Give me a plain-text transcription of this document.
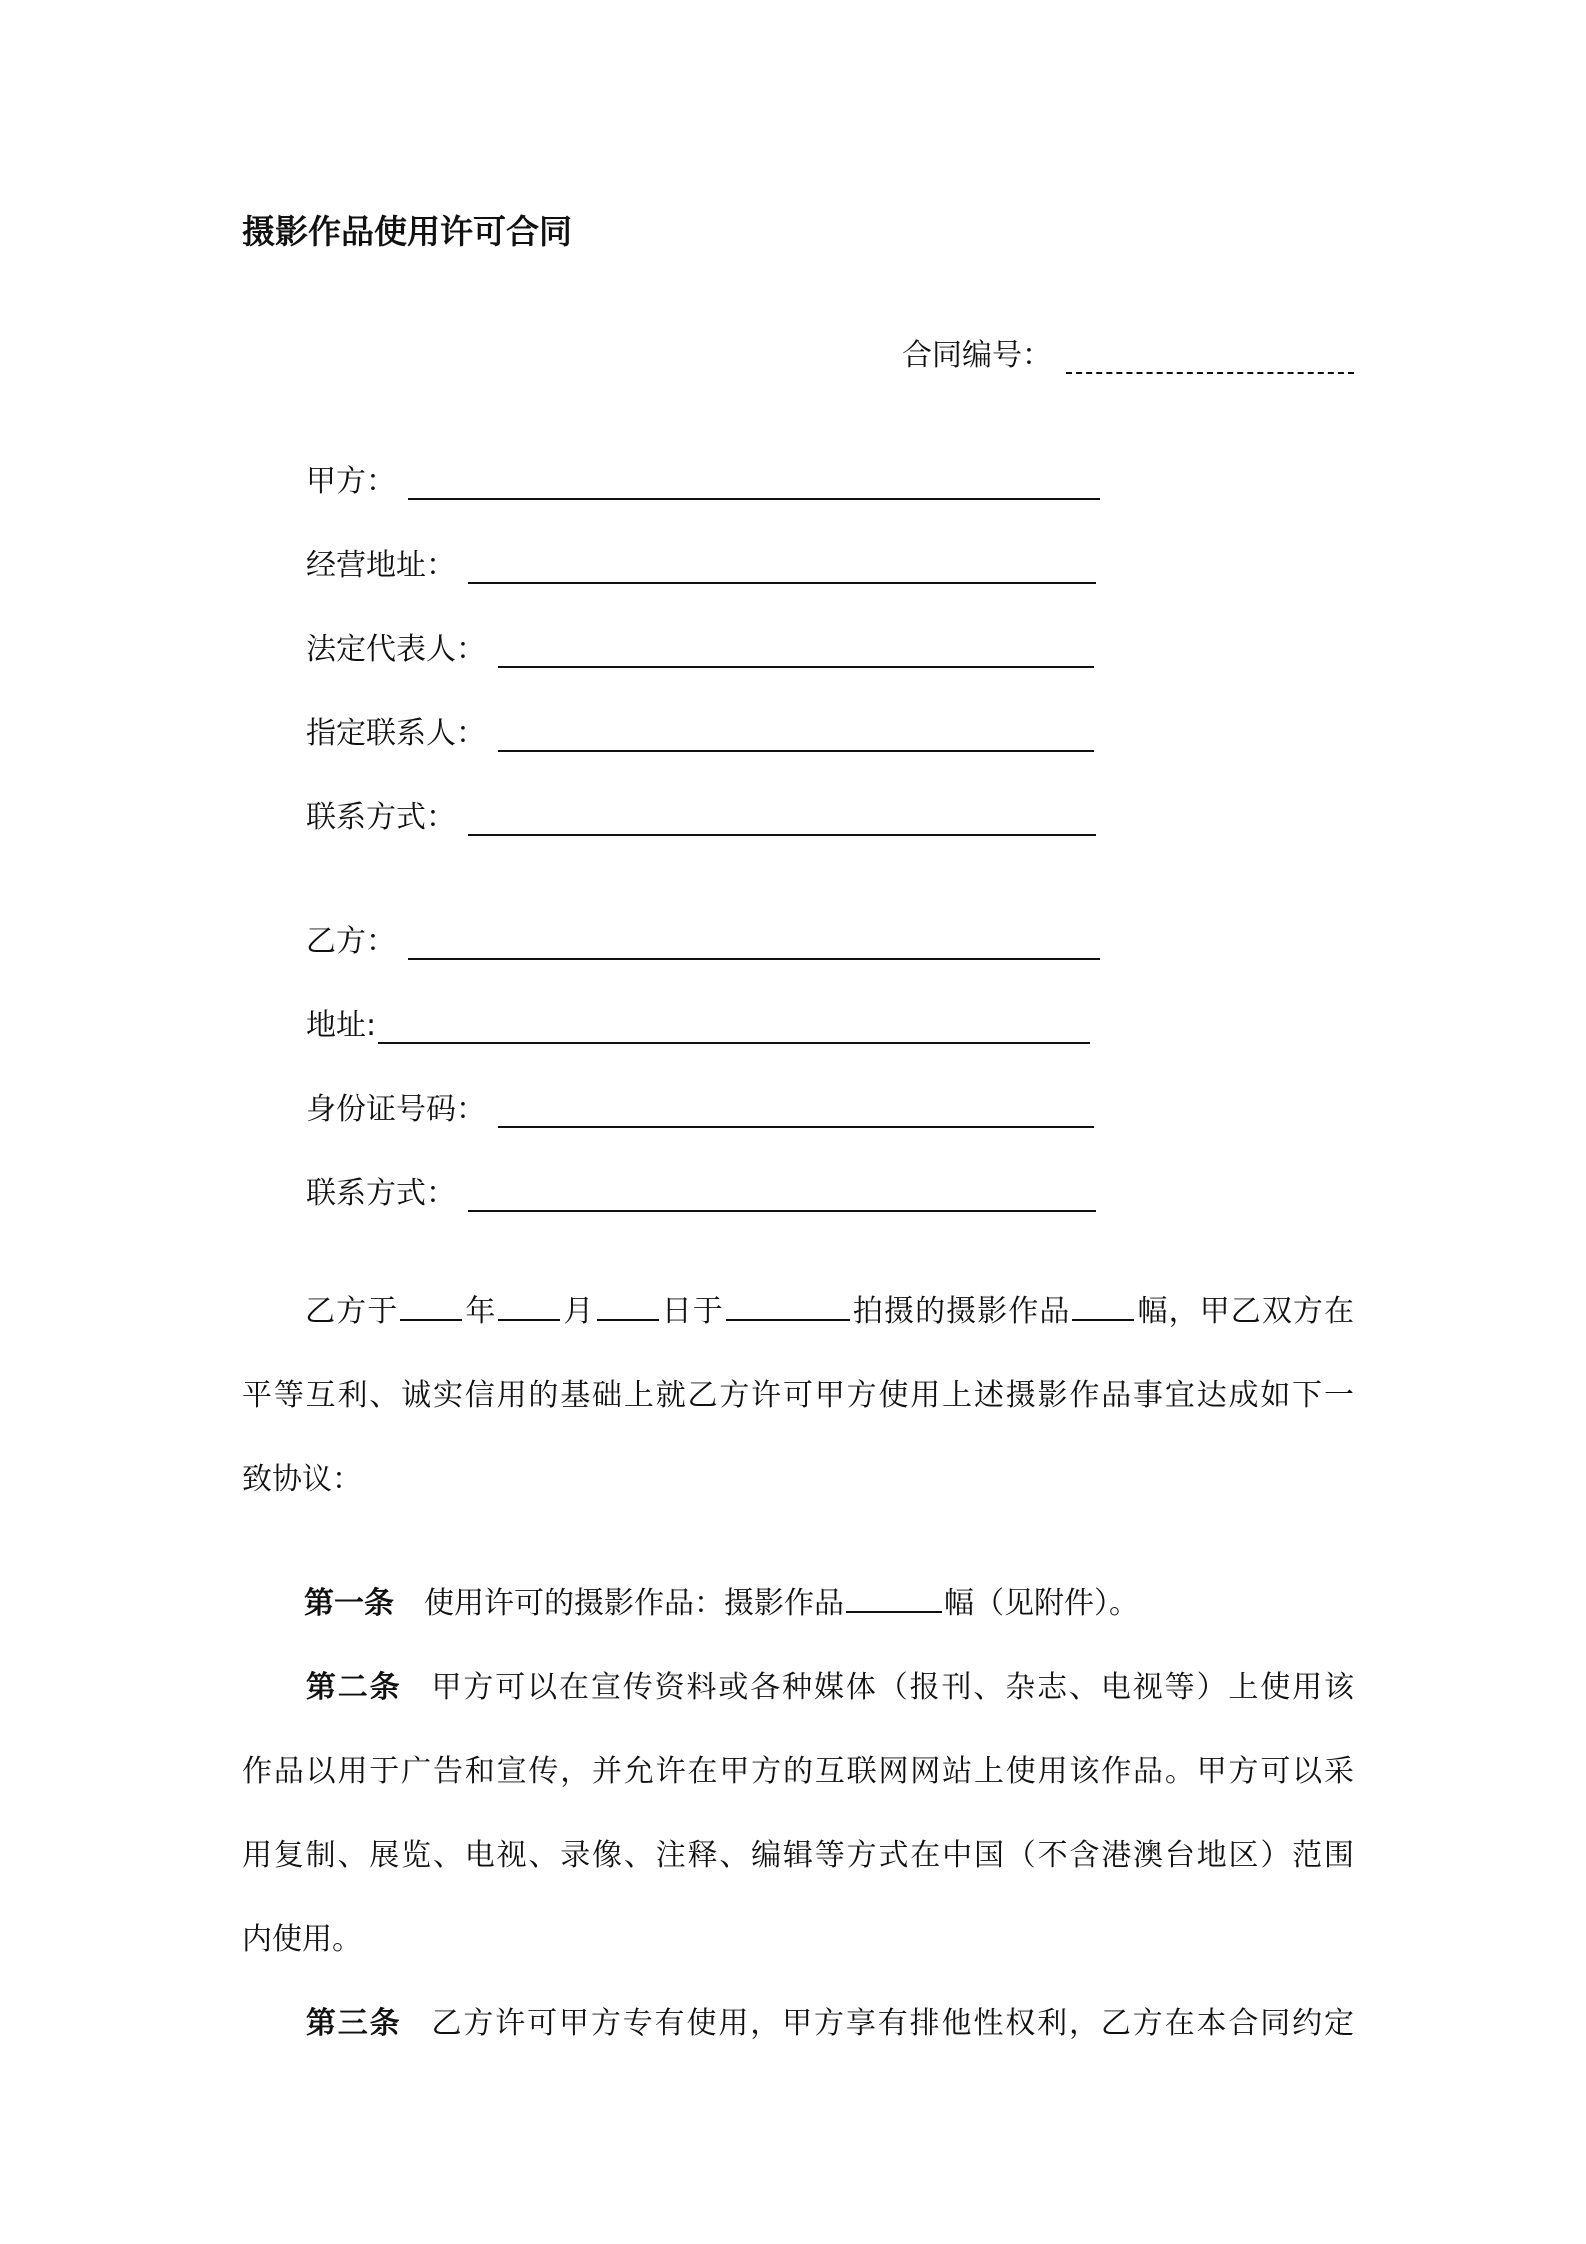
摄影作品使用许可合同
合同编号：
甲方：
经营地址：
法定代表人：
指定联系人：
联系方式：
乙方：
地址:
身份证号码：
联系方式：
乙方于 年 月 日于	拍摄的摄影作品 幅，甲乙双方在
平等互利、诚实信用的基础上就乙方许可甲方使用上述摄影作品事宜达成如下一
致协议：
第一条 使用许可的摄影作品：摄影作品	幅（见附件）。
第二条 甲方可以在宣传资料或各种媒体（报刊、杂志、电视等）上使用该
作品以用于广告和宣传，并允许在甲方的互联网网站上使用该作品。甲方可以采
用复制、展览、电视、录像、注释、编辑等方式在中国（不含港澳台地区）范围
内使用。
第三条 乙方许可甲方专有使用，甲方享有排他性权利，乙方在本合同约定
